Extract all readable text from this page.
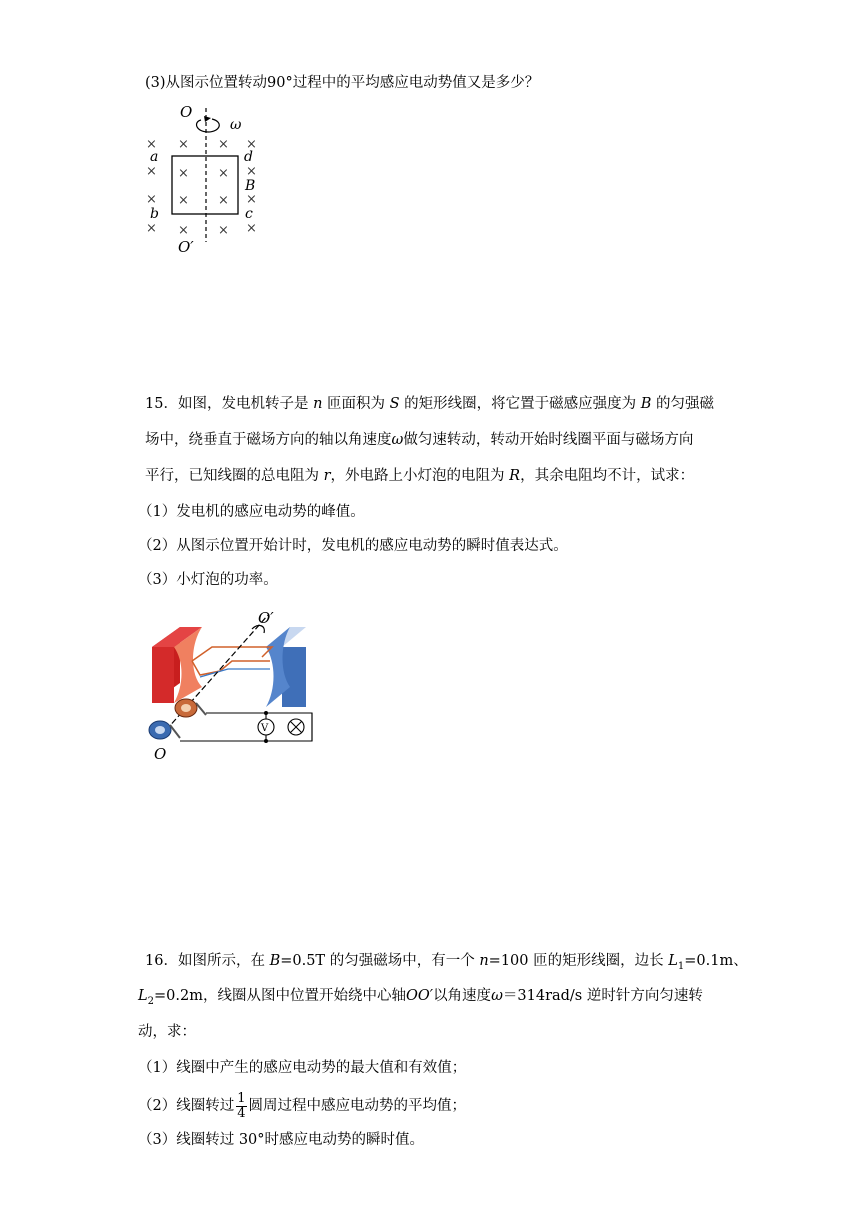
(3)从图示位置转动90°过程中的平均感应电动势值又是多少？
O
ω
×
×
×
×
×
×
×
×
× ×
× ×
× ×
× ×
a	d
B
b	c
O′
15．如图，发电机转子是 n 匝面积为 S 的矩形线圈，将它置于磁感应强度为 B 的匀强磁
场中，绕垂直于磁场方向的轴以角速度ω做匀速转动，转动开始时线圈平面与磁场方向
平行，已知线圈的总电阻为 r，外电路上小灯泡的电阻为 R，其余电阻均不计，试求：
（1）发电机的感应电动势的峰值。
（2）从图示位置开始计时，发电机的感应电动势的瞬时值表达式。
（3）小灯泡的功率。
O′
V
O
16．如图所示，在 B=0.5T 的匀强磁场中，有一个 n=100 匝的矩形线圈，边长 $L_1=0.1m$、
$L_2=0.2m$，线圈从图中位置开始绕中心轴OO′以角速度ω＝314rad/s 逆时针方向匀速转
动，求：
（1）线圈中产生的感应电动势的最大值和有效值；
（2）线圈转过 $\frac{1}{4}$ 圆周过程中感应电动势的平均值；
（3）线圈转过 30°时感应电动势的瞬时值。
